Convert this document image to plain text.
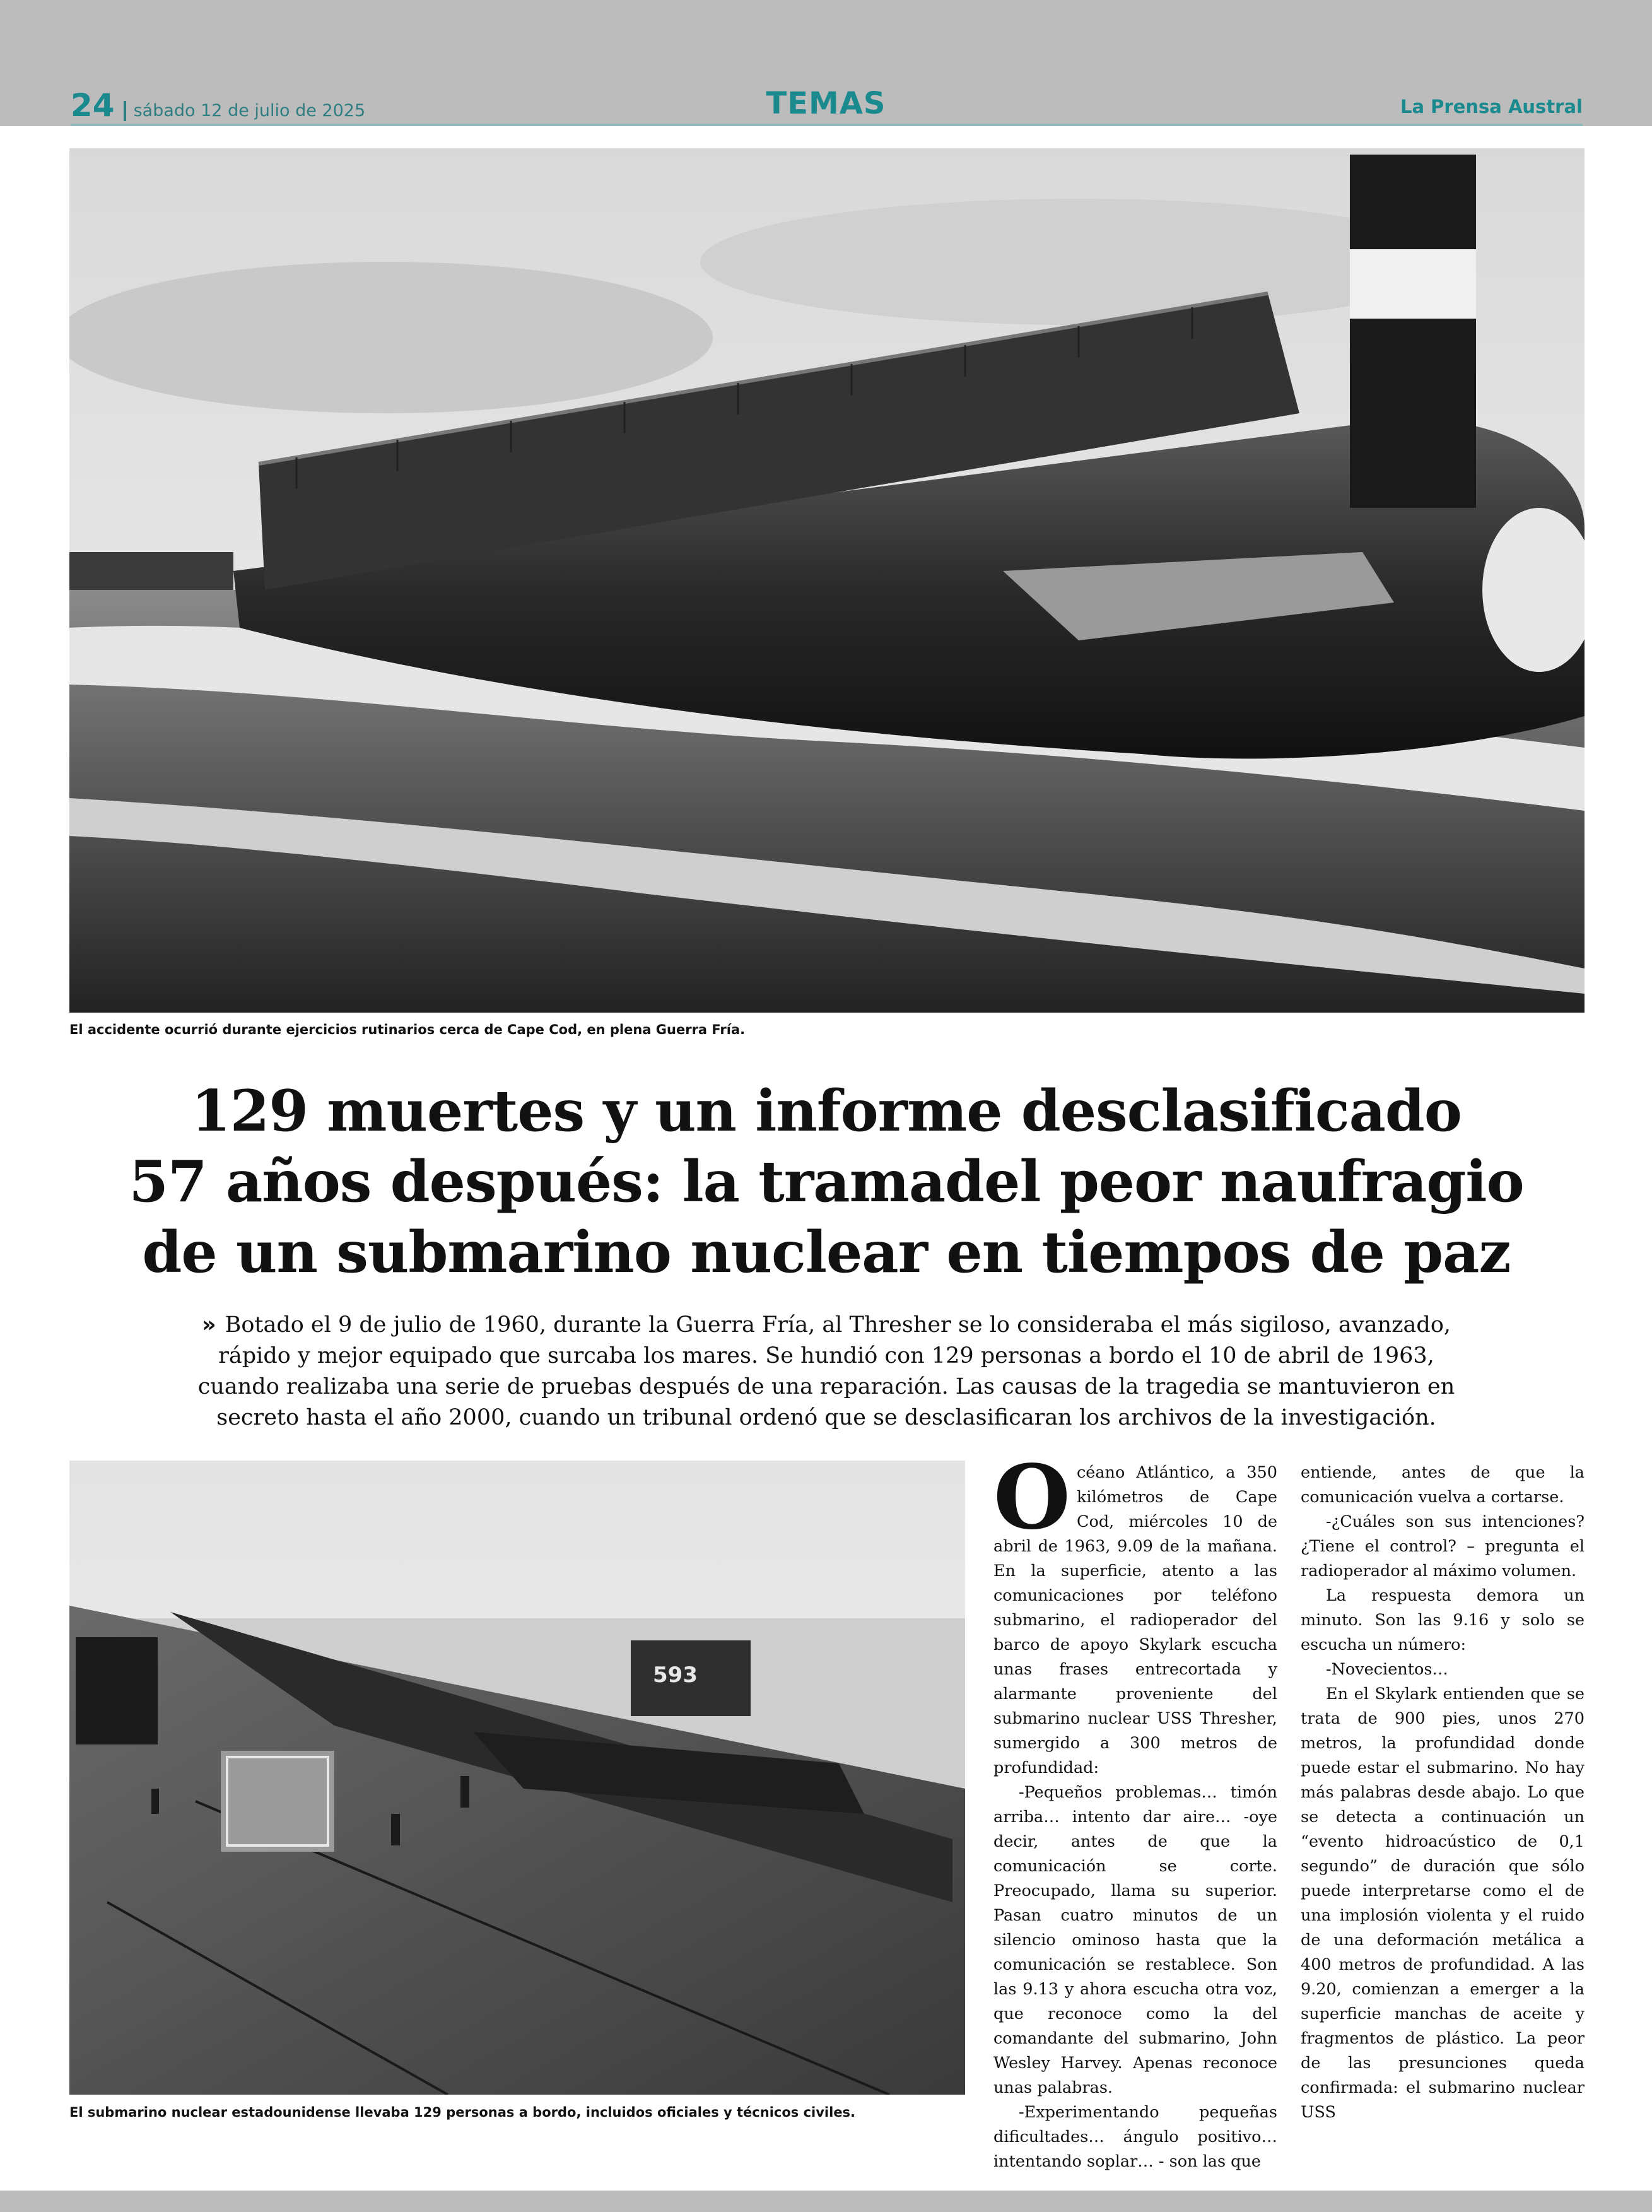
24	sábado 12 de julio de 2025	TEMAS	La Prensa Austral
El accidente ocurrió durante ejercicios rutinarios cerca de Cape Cod, en plena Guerra Fría.
129 muertes y un informe desclasificado
57 años después: la tramadel peor naufragio
de un submarino nuclear en tiempos de paz
» Botado el 9 de julio de 1960, durante la Guerra Fría, al Thresher se lo consideraba el más sigiloso, avanzado, rápido y mejor equipado que surcaba los mares. Se hundió con 129 personas a bordo el 10 de abril de 1963, cuando realizaba una serie de pruebas después de una reparación. Las causas de la tragedia se mantuvieron en secreto hasta el año 2000, cuando un tribunal ordenó que se desclasificaran los archivos de la investigación.
593
El submarino nuclear estadounidense llevaba 129 personas a bordo, incluidos oficiales y técnicos civiles.

Océano Atlántico, a 350 kilómetros de Cape Cod, miércoles 10 de abril de 1963, 9.09 de la mañana. En la superficie, atento a las comunicaciones por teléfono submarino, el radioperador del barco de apoyo Skylark escucha unas frases entrecortada y alarmante proveniente del submarino nuclear USS Thresher, sumergido a 300 metros de profundidad:

-Pequeños problemas… timón arriba… intento dar aire… -oye decir, antes de que la comunicación se corte. Preocupado, llama su superior. Pasan cuatro minutos de un silencio ominoso hasta que la comunicación se restablece. Son las 9.13 y ahora escucha otra voz, que reconoce como la del comandante del submarino, John Wesley Harvey. Apenas reconoce unas palabras.

-Experimentando pequeñas dificultades… ángulo positivo… intentando soplar… - son las que

entiende, antes de que la comunicación vuelva a cortarse.

-¿Cuáles son sus intenciones? ¿Tiene el control? – pregunta el radioperador al máximo volumen.

La respuesta demora un minuto. Son las 9.16 y solo se escucha un número:

-Novecientos…

En el Skylark entienden que se trata de 900 pies, unos 270 metros, la profundidad donde puede estar el submarino. No hay más palabras desde abajo. Lo que se detecta a continuación un “evento hidroacústico de 0,1 segundo” de duración que sólo puede interpretarse como el de una implosión violenta y el ruido de una deformación metálica a 400 metros de profundidad. A las 9.20, comienzan a emerger a la superficie manchas de aceite y fragmentos de plástico. La peor de las presunciones queda confirmada: el submarino nuclear USS
